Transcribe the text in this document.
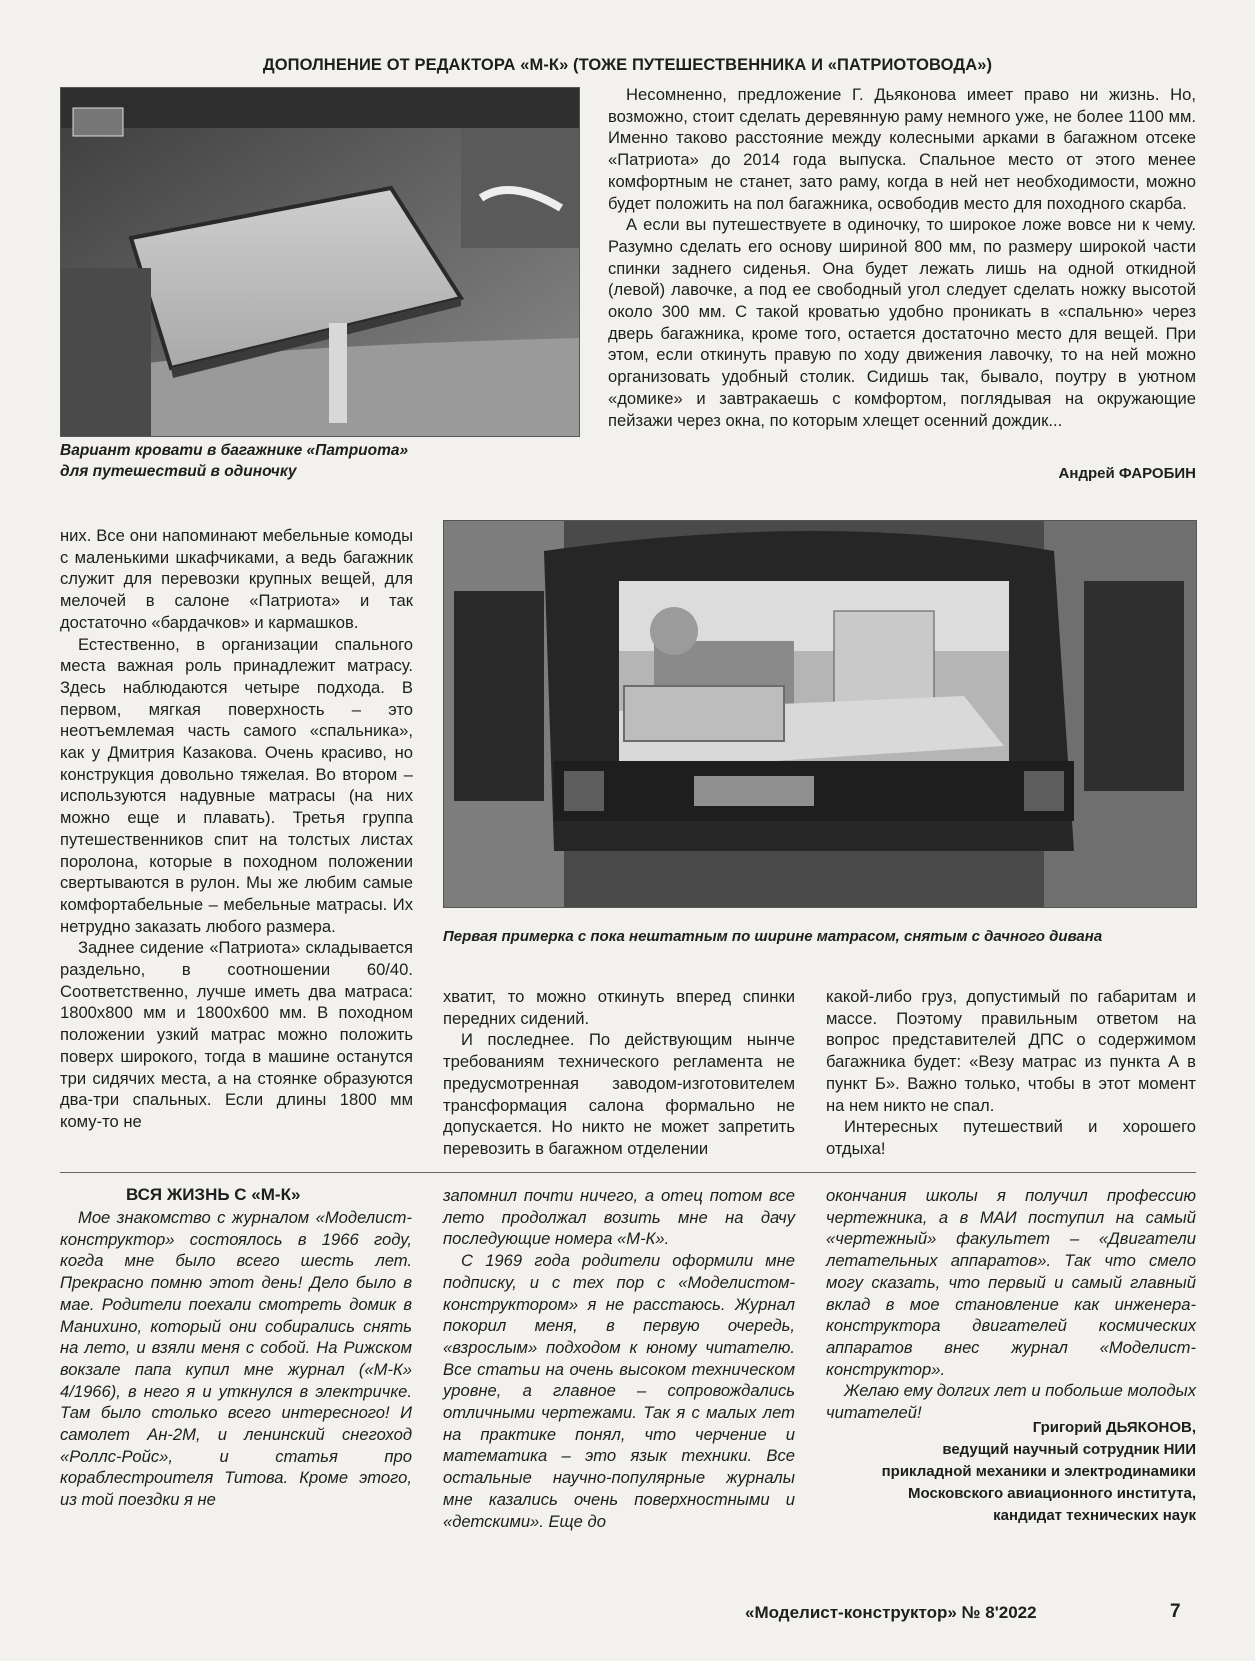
ДОПОЛНЕНИЕ ОТ РЕДАКТОРА «М-К» (ТОЖЕ ПУТЕШЕСТВЕННИКА И «ПАТРИОТОВОДА»)
Вариант кровати в багажнике «Патриота»
для путешествий в одиночку

Несомненно, предложение Г. Дьяконова имеет право ни жизнь. Но, возможно, стоит сделать деревянную раму немного уже, не более 1100 мм. Именно таково расстояние между колесными арками в багажном отсеке «Патриота» до 2014 года выпуска. Спальное место от этого менее комфортным не станет, зато раму, когда в ней нет необходимости, можно будет положить на пол багажника, освободив место для походного скарба.

А если вы путешествуете в одиночку, то широкое ложе вовсе ни к чему. Разумно сделать его основу шириной 800 мм, по размеру широкой части спинки заднего сиденья. Она будет лежать лишь на одной откидной (левой) лавочке, а под ее свободный угол следует сделать ножку высотой около 300 мм. С такой кроватью удобно проникать в «спальню» через дверь багажника, кроме того, остается достаточно место для вещей. При этом, если откинуть правую по ходу движения лавочку, то на ней можно организовать удобный столик. Сидишь так, бывало, поутру в уютном «домике» и завтракаешь с комфортом, поглядывая на окружающие пейзажи через окна, по которым хлещет осенний дождик...

Андрей ФАРОБИН

них. Все они напоминают мебельные комоды с маленькими шкафчиками, а ведь багажник служит для перевозки крупных вещей, для мелочей в салоне «Патриота» и так достаточно «бардачков» и кармашков.

Естественно, в организации спального места важная роль принадлежит матрасу. Здесь наблюдаются четыре подхода. В первом, мягкая поверхность – это неотъемлемая часть самого «спальника», как у Дмитрия Казакова. Очень красиво, но конструкция довольно тяжелая. Во втором – используются надувные матрасы (на них можно еще и плавать). Третья группа путешественников спит на толстых листах поролона, которые в походном положении свертываются в рулон. Мы же любим самые комфортабельные – мебельные матрасы. Их нетрудно заказать любого размера.

Заднее сидение «Патриота» складывается раздельно, в соотношении 60/40. Соответственно, лучше иметь два матраса: 1800x800 мм и 1800x600 мм. В походном положении узкий матрас можно положить поверх широкого, тогда в машине останутся три сидячих места, а на стоянке образуются два-три спальных. Если длины 1800 мм кому-то не

Первая примерка с пока нештатным по ширине матрасом, снятым с дачного дивана

хватит, то можно откинуть вперед спинки передних сидений.

И последнее. По действующим нынче требованиям технического регламента не предусмотренная заводом-изготовителем трансформация салона формально не допускается. Но никто не может запретить перевозить в багажном отделении

какой-либо груз, допустимый по габаритам и массе. Поэтому правильным ответом на вопрос представителей ДПС о содержимом багажника будет: «Везу матрас из пункта А в пункт Б». Важно только, чтобы в этот момент на нем никто не спал.

Интересных путешествий и хорошего отдыха!

ВСЯ ЖИЗНЬ С «М-К»

Мое знакомство с журналом «Моделист-конструктор» состоялось в 1966 году, когда мне было всего шесть лет. Прекрасно помню этот день! Дело было в мае. Родители поехали смотреть домик в Манихино, который они собирались снять на лето, и взяли меня с собой. На Рижском вокзале папа купил мне журнал («М-К» 4/1966), в него я и уткнулся в электричке. Там было столько всего интересного! И самолет Ан-2М, и ленинский снегоход «Роллс-Ройс», и статья про кораблестроителя Титова. Кроме этого, из той поездки я не

запомнил почти ничего, а отец потом все лето продолжал возить мне на дачу последующие номера «М-К».

С 1969 года родители оформили мне подписку, и с тех пор с «Моделистом-конструктором» я не расстаюсь. Журнал покорил меня, в первую очередь, «взрослым» подходом к юному читателю. Все статьи на очень высоком техническом уровне, а главное – сопровождались отличными чертежами. Так я с малых лет на практике понял, что черчение и математика – это язык техники. Все остальные научно-популярные журналы мне казались очень поверхностными и «детскими». Еще до

окончания школы я получил профессию чертежника, а в МАИ поступил на самый «чертежный» факультет – «Двигатели летательных аппаратов». Так что смело могу сказать, что первый и самый главный вклад в мое становление как инженера-конструктора двигателей космических аппаратов внес журнал «Моделист-конструктор».

Желаю ему долгих лет и побольше молодых читателей!

Григорий ДЬЯКОНОВ,
ведущий научный сотрудник НИИ
прикладной механики и электродинамики
Московского авиационного института,
кандидат технических наук
«Моделист-конструктор» № 8'2022	7
